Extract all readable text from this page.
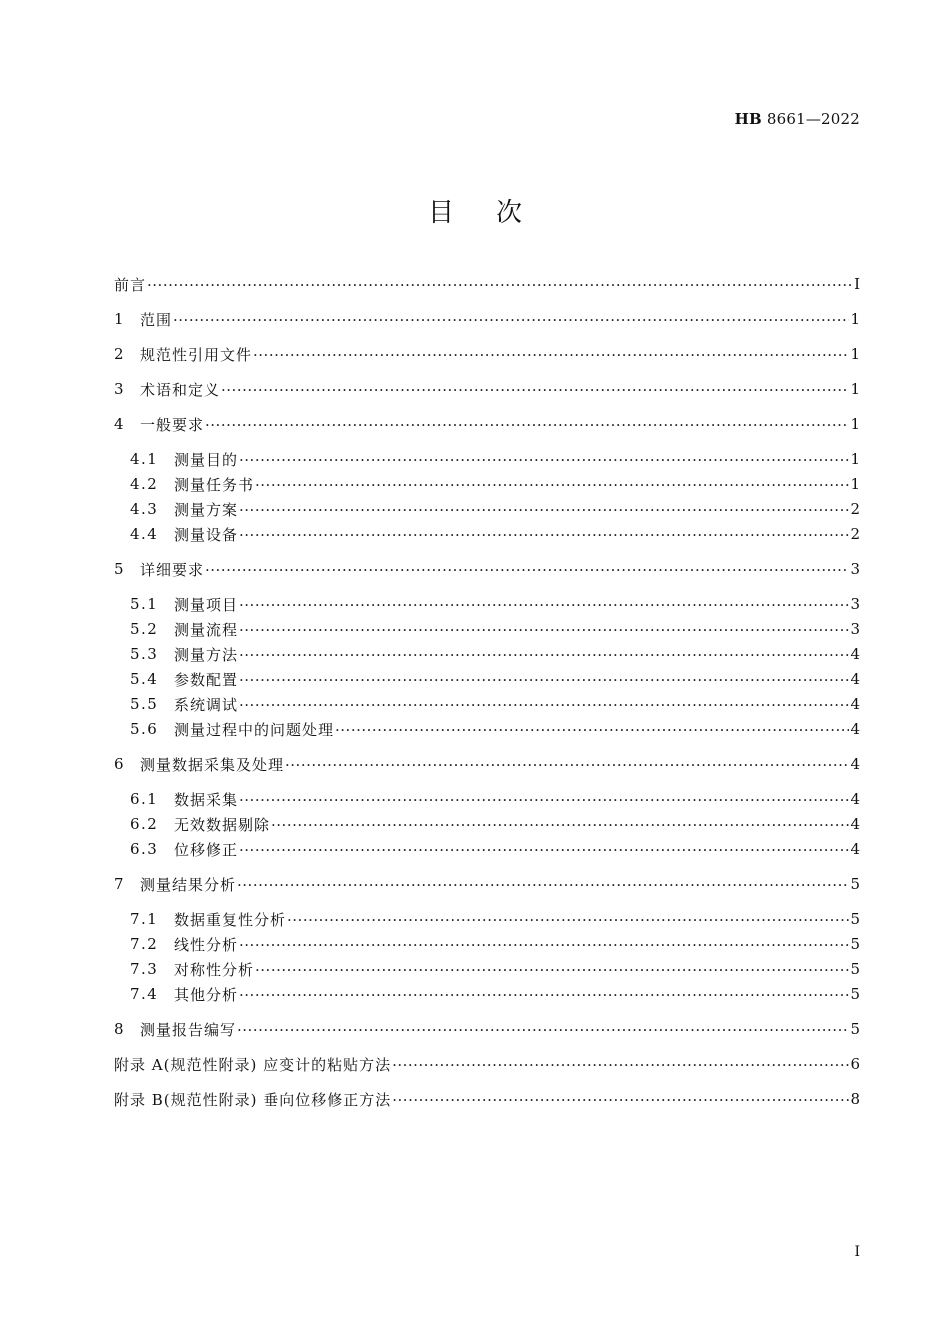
HB 8661—2022
目次
前言 ·····	I
1	范围 ·····	1
2	规范性引用文件 ·····	1
3	术语和定义 ·····	1
4	一般要求 ·····	1
4.1	测量目的 ·····	1
4.2	测量任务书 ·····	1
4.3	测量方案 ·····	2
4.4	测量设备 ·····	2
5	详细要求 ·····	3
5.1	测量项目 ·····	3
5.2	测量流程 ·····	3
5.3	测量方法 ·····	4
5.4	参数配置 ·····	4
5.5	系统调试 ·····	4
5.6	测量过程中的问题处理 ·····	4
6	测量数据采集及处理 ·····	4
6.1	数据采集 ·····	4
6.2	无效数据剔除 ·····	4
6.3	位移修正 ·····	4
7	测量结果分析 ·····	5
7.1	数据重复性分析 ·····	5
7.2	线性分析 ·····	5
7.3	对称性分析 ·····	5
7.4	其他分析 ·····	5
8	测量报告编写 ·····	5
附录 A(规范性附录) 应变计的粘贴方法 ·····	6
附录 B(规范性附录) 垂向位移修正方法 ·····	8
I
